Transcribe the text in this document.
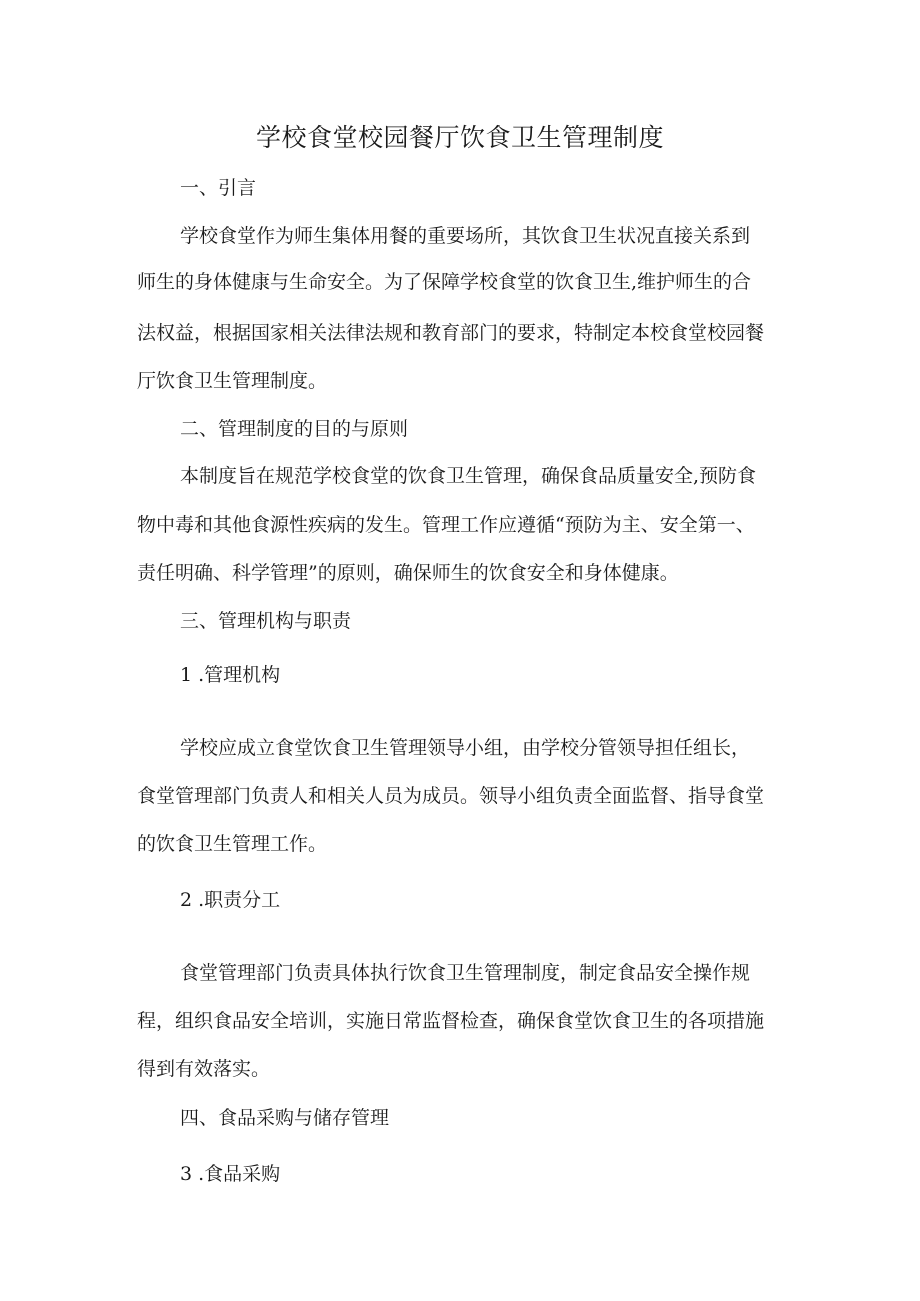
学校食堂校园餐厅饮食卫生管理制度

一、引言

学校食堂作为师生集体用餐的重要场所，其饮食卫生状况直接关系到

师生的身体健康与生命安全。为了保障学校食堂的饮食卫生,维护师生的合

法权益，根据国家相关法律法规和教育部门的要求，特制定本校食堂校园餐

厅饮食卫生管理制度。

二、管理制度的目的与原则

本制度旨在规范学校食堂的饮食卫生管理，确保食品质量安全,预防食

物中毒和其他食源性疾病的发生。管理工作应遵循“预防为主、安全第一、

责任明确、科学管理”的原则，确保师生的饮食安全和身体健康。

三、管理机构与职责

1 .管理机构

学校应成立食堂饮食卫生管理领导小组，由学校分管领导担任组长，

食堂管理部门负责人和相关人员为成员。领导小组负责全面监督、指导食堂

的饮食卫生管理工作。

2 .职责分工

食堂管理部门负责具体执行饮食卫生管理制度，制定食品安全操作规

程，组织食品安全培训，实施日常监督检查，确保食堂饮食卫生的各项措施

得到有效落实。

四、食品采购与储存管理

3 .食品采购
